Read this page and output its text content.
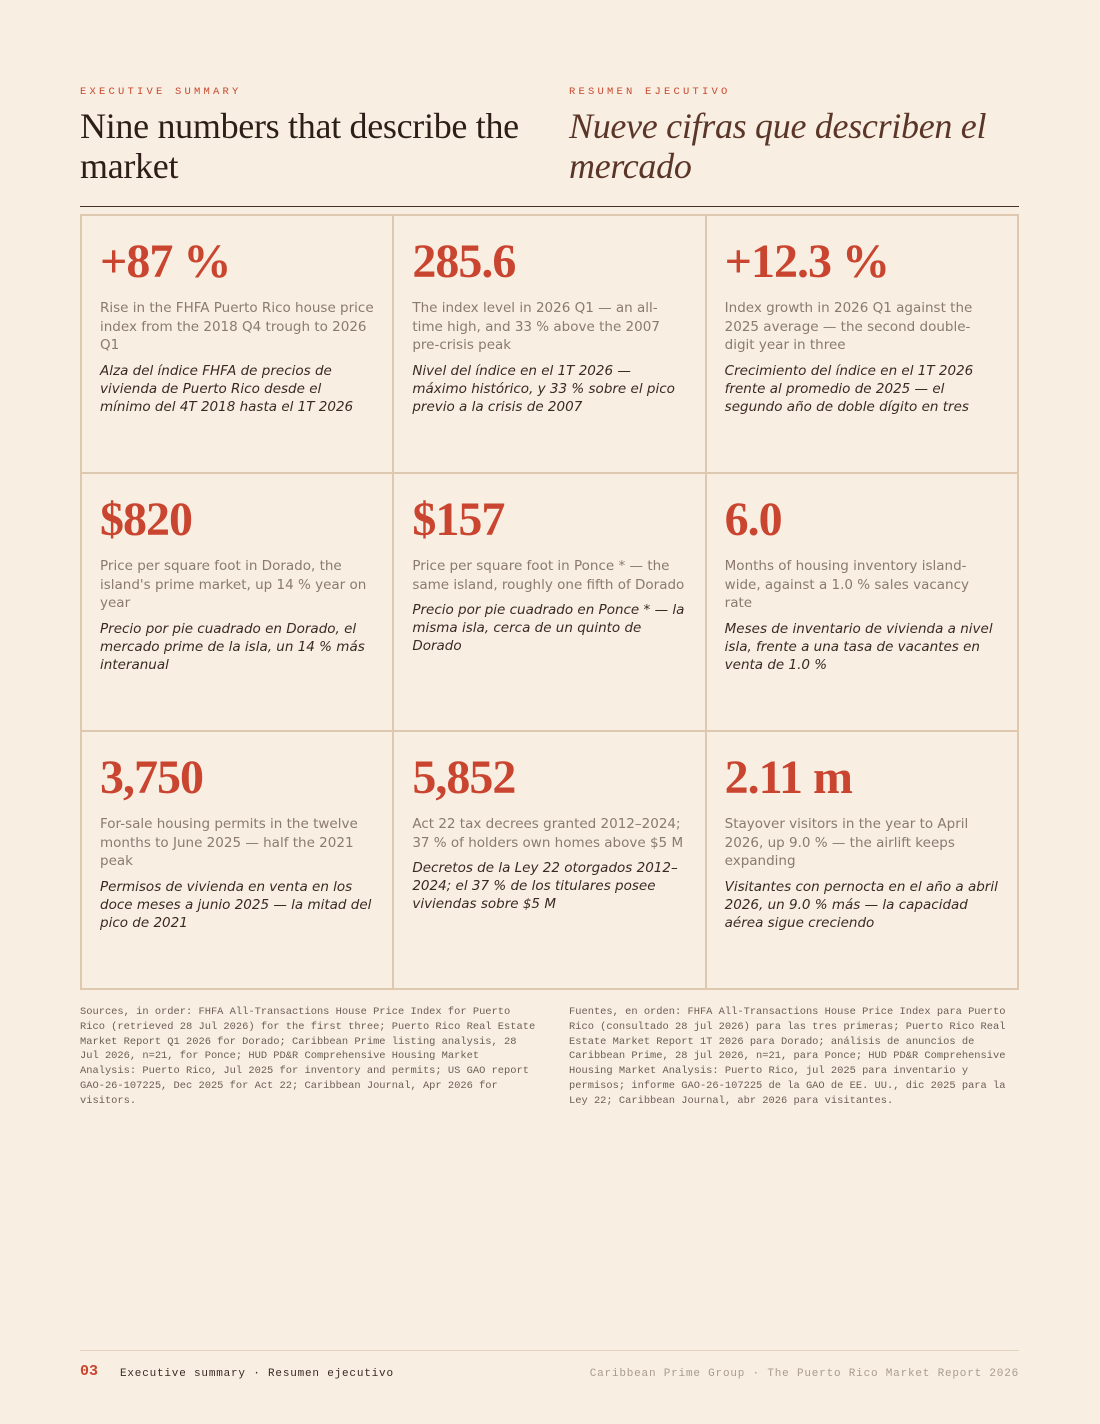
EXECUTIVE SUMMARY
Nine numbers that describe the market
RESUMEN EJECUTIVO
Nueve cifras que describen el mercado
+87 %
Rise in the FHFA Puerto Rico house price index from the 2018 Q4 trough to 2026 Q1
Alza del índice FHFA de precios de vivienda de Puerto Rico desde el mínimo del 4T 2018 hasta el 1T 2026
285.6
The index level in 2026 Q1 — an all-time high, and 33 % above the 2007 pre-crisis peak
Nivel del índice en el 1T 2026 — máximo histórico, y 33 % sobre el pico previo a la crisis de 2007
+12.3 %
Index growth in 2026 Q1 against the 2025 average — the second double-digit year in three
Crecimiento del índice en el 1T 2026 frente al promedio de 2025 — el segundo año de doble dígito en tres
$820
Price per square foot in Dorado, the island's prime market, up 14 % year on year
Precio por pie cuadrado en Dorado, el mercado prime de la isla, un 14 % más interanual
$157
Price per square foot in Ponce * — the same island, roughly one fifth of Dorado
Precio por pie cuadrado en Ponce * — la misma isla, cerca de un quinto de Dorado
6.0
Months of housing inventory island-wide, against a 1.0 % sales vacancy rate
Meses de inventario de vivienda a nivel isla, frente a una tasa de vacantes en venta de 1.0 %
3,750
For-sale housing permits in the twelve months to June 2025 — half the 2021 peak
Permisos de vivienda en venta en los doce meses a junio 2025 — la mitad del pico de 2021
5,852
Act 22 tax decrees granted 2012–2024; 37 % of holders own homes above $5 M
Decretos de la Ley 22 otorgados 2012–2024; el 37 % de los titulares posee viviendas sobre $5 M
2.11 m
Stayover visitors in the year to April 2026, up 9.0 % — the airlift keeps expanding
Visitantes con pernocta en el año a abril 2026, un 9.0 % más — la capacidad aérea sigue creciendo
Sources, in order: FHFA All-Transactions House Price Index for Puerto Rico (retrieved 28 Jul 2026) for the first three; Puerto Rico Real Estate Market Report Q1 2026 for Dorado; Caribbean Prime listing analysis, 28 Jul 2026, n=21, for Ponce; HUD PD&R Comprehensive Housing Market Analysis: Puerto Rico, Jul 2025 for inventory and permits; US GAO report GAO-26-107225, Dec 2025 for Act 22; Caribbean Journal, Apr 2026 for visitors.
Fuentes, en orden: FHFA All-Transactions House Price Index para Puerto Rico (consultado 28 jul 2026) para las tres primeras; Puerto Rico Real Estate Market Report 1T 2026 para Dorado; análisis de anuncios de Caribbean Prime, 28 jul 2026, n=21, para Ponce; HUD PD&R Comprehensive Housing Market Analysis: Puerto Rico, jul 2025 para inventario y permisos; informe GAO-26-107225 de la GAO de EE. UU., dic 2025 para la Ley 22; Caribbean Journal, abr 2026 para visitantes.
03 Executive summary · Resumen ejecutivo	Caribbean Prime Group · The Puerto Rico Market Report 2026
